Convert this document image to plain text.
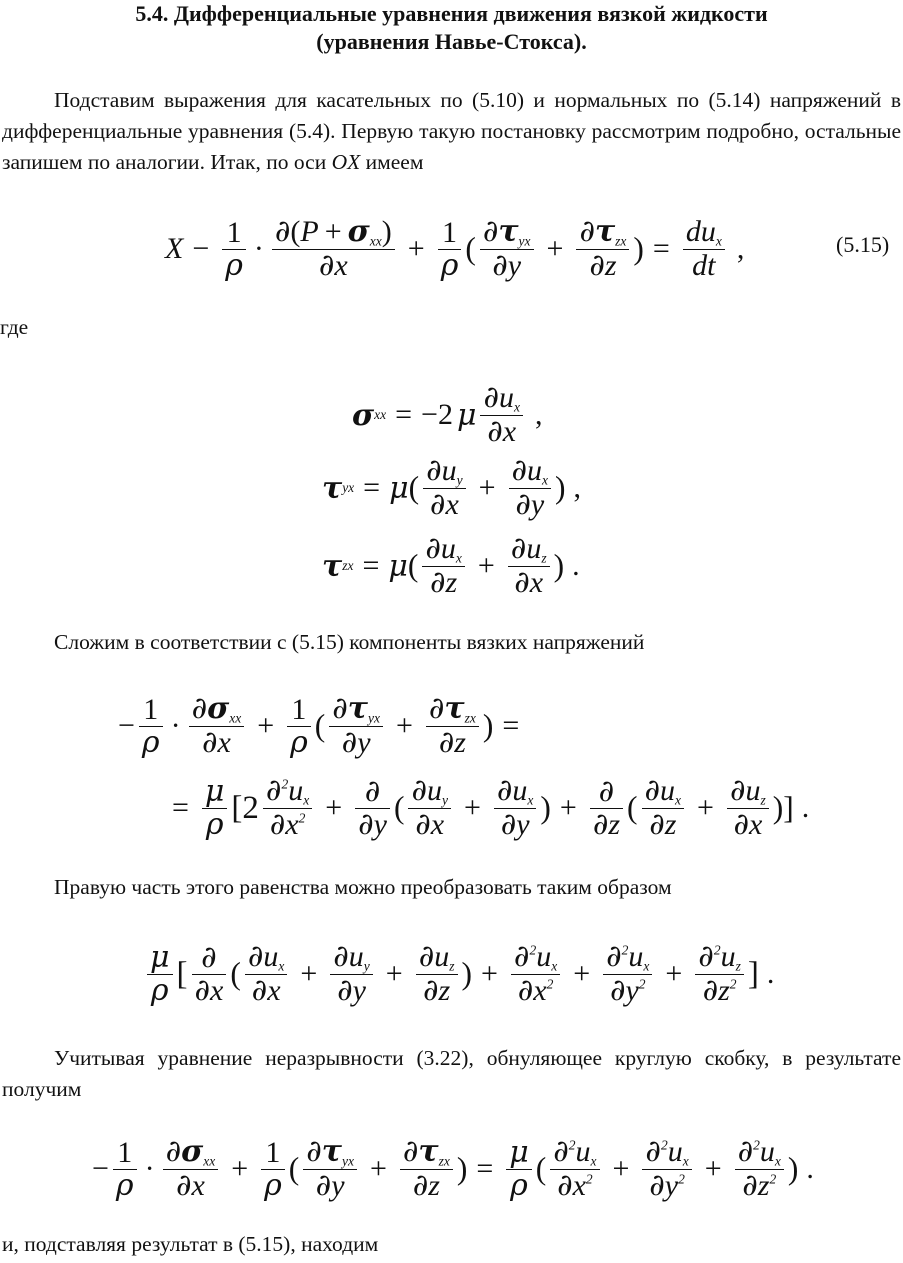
5.4. Дифференциальные уравнения движения вязкой жидкости
(уравнения Навье-Стокса).
Подставим выражения для касательных по (5.10) и нормальных по (5.14) напряжений в дифференциальные уравнения (5.4). Первую такую постановку рассмотрим подробно, остальные запишем по аналогии. Итак, по оси OX имеем
$X - \frac{1}{\rho} \cdot \frac{\partial(P + \sigma_{xx})}{\partial x} + \frac{1}{\rho}$ ( $\frac{\partial\tau_{yx}}{\partial y} + \frac{\partial\tau_{zx}}{\partial z}$ ) = $\frac{du_x}{dt}$ ,	(5.15)
где
σ xx = −2 μ $\frac{\partial u_x}{\partial x}$ ,
τ yx = μ ( $\frac{\partial u_y}{\partial x} + \frac{\partial u_x}{\partial y}$ ) ,
τ zx = μ ( $\frac{\partial u_x}{\partial z} + \frac{\partial u_z}{\partial x}$ ) .
Сложим в соответствии с (5.15) компоненты вязких напряжений
− $\frac{1}{\rho} \cdot \frac{\partial\sigma_{xx}}{\partial x} + \frac{1}{\rho}$ ( $\frac{\partial\tau_{yx}}{\partial y} + \frac{\partial\tau_{zx}}{\partial z}$ ) =
= $\frac{\mu}{\rho} [2 \frac{\partial^2u_x}{\partial x^2} + \frac{\partial}{\partial y}$ ( $\frac{\partial u_y}{\partial x} + \frac{\partial u_x}{\partial y}$ ) + $\frac{\partial}{\partial z}$ ( $\frac{\partial u_x}{\partial z} + \frac{\partial u_z}{\partial x}$ )] .
Правую часть этого равенства можно преобразовать таким образом
$\frac{\mu}{\rho}$ [ $\frac{\partial}{\partial x}$ ( $\frac{\partial u_x}{\partial x} + \frac{\partial u_y}{\partial y} + \frac{\partial u_z}{\partial z}$ ) + $\frac{\partial^2u_x}{\partial x^2} + \frac{\partial^2u_x}{\partial y^2} + \frac{\partial^2u_z}{\partial z^2}$ ] .
Учитывая уравнение неразрывности (3.22), обнуляющее круглую скобку, в результате получим
− $\frac{1}{\rho} \cdot \frac{\partial\sigma_{xx}}{\partial x} + \frac{1}{\rho}$ ( $\frac{\partial\tau_{yx}}{\partial y} + \frac{\partial\tau_{zx}}{\partial z}$ ) = $\frac{\mu}{\rho}$ ( $\frac{\partial^2u_x}{\partial x^2} + \frac{\partial^2u_x}{\partial y^2} + \frac{\partial^2u_x}{\partial z^2}$ ) .
и, подставляя результат в (5.15), находим
